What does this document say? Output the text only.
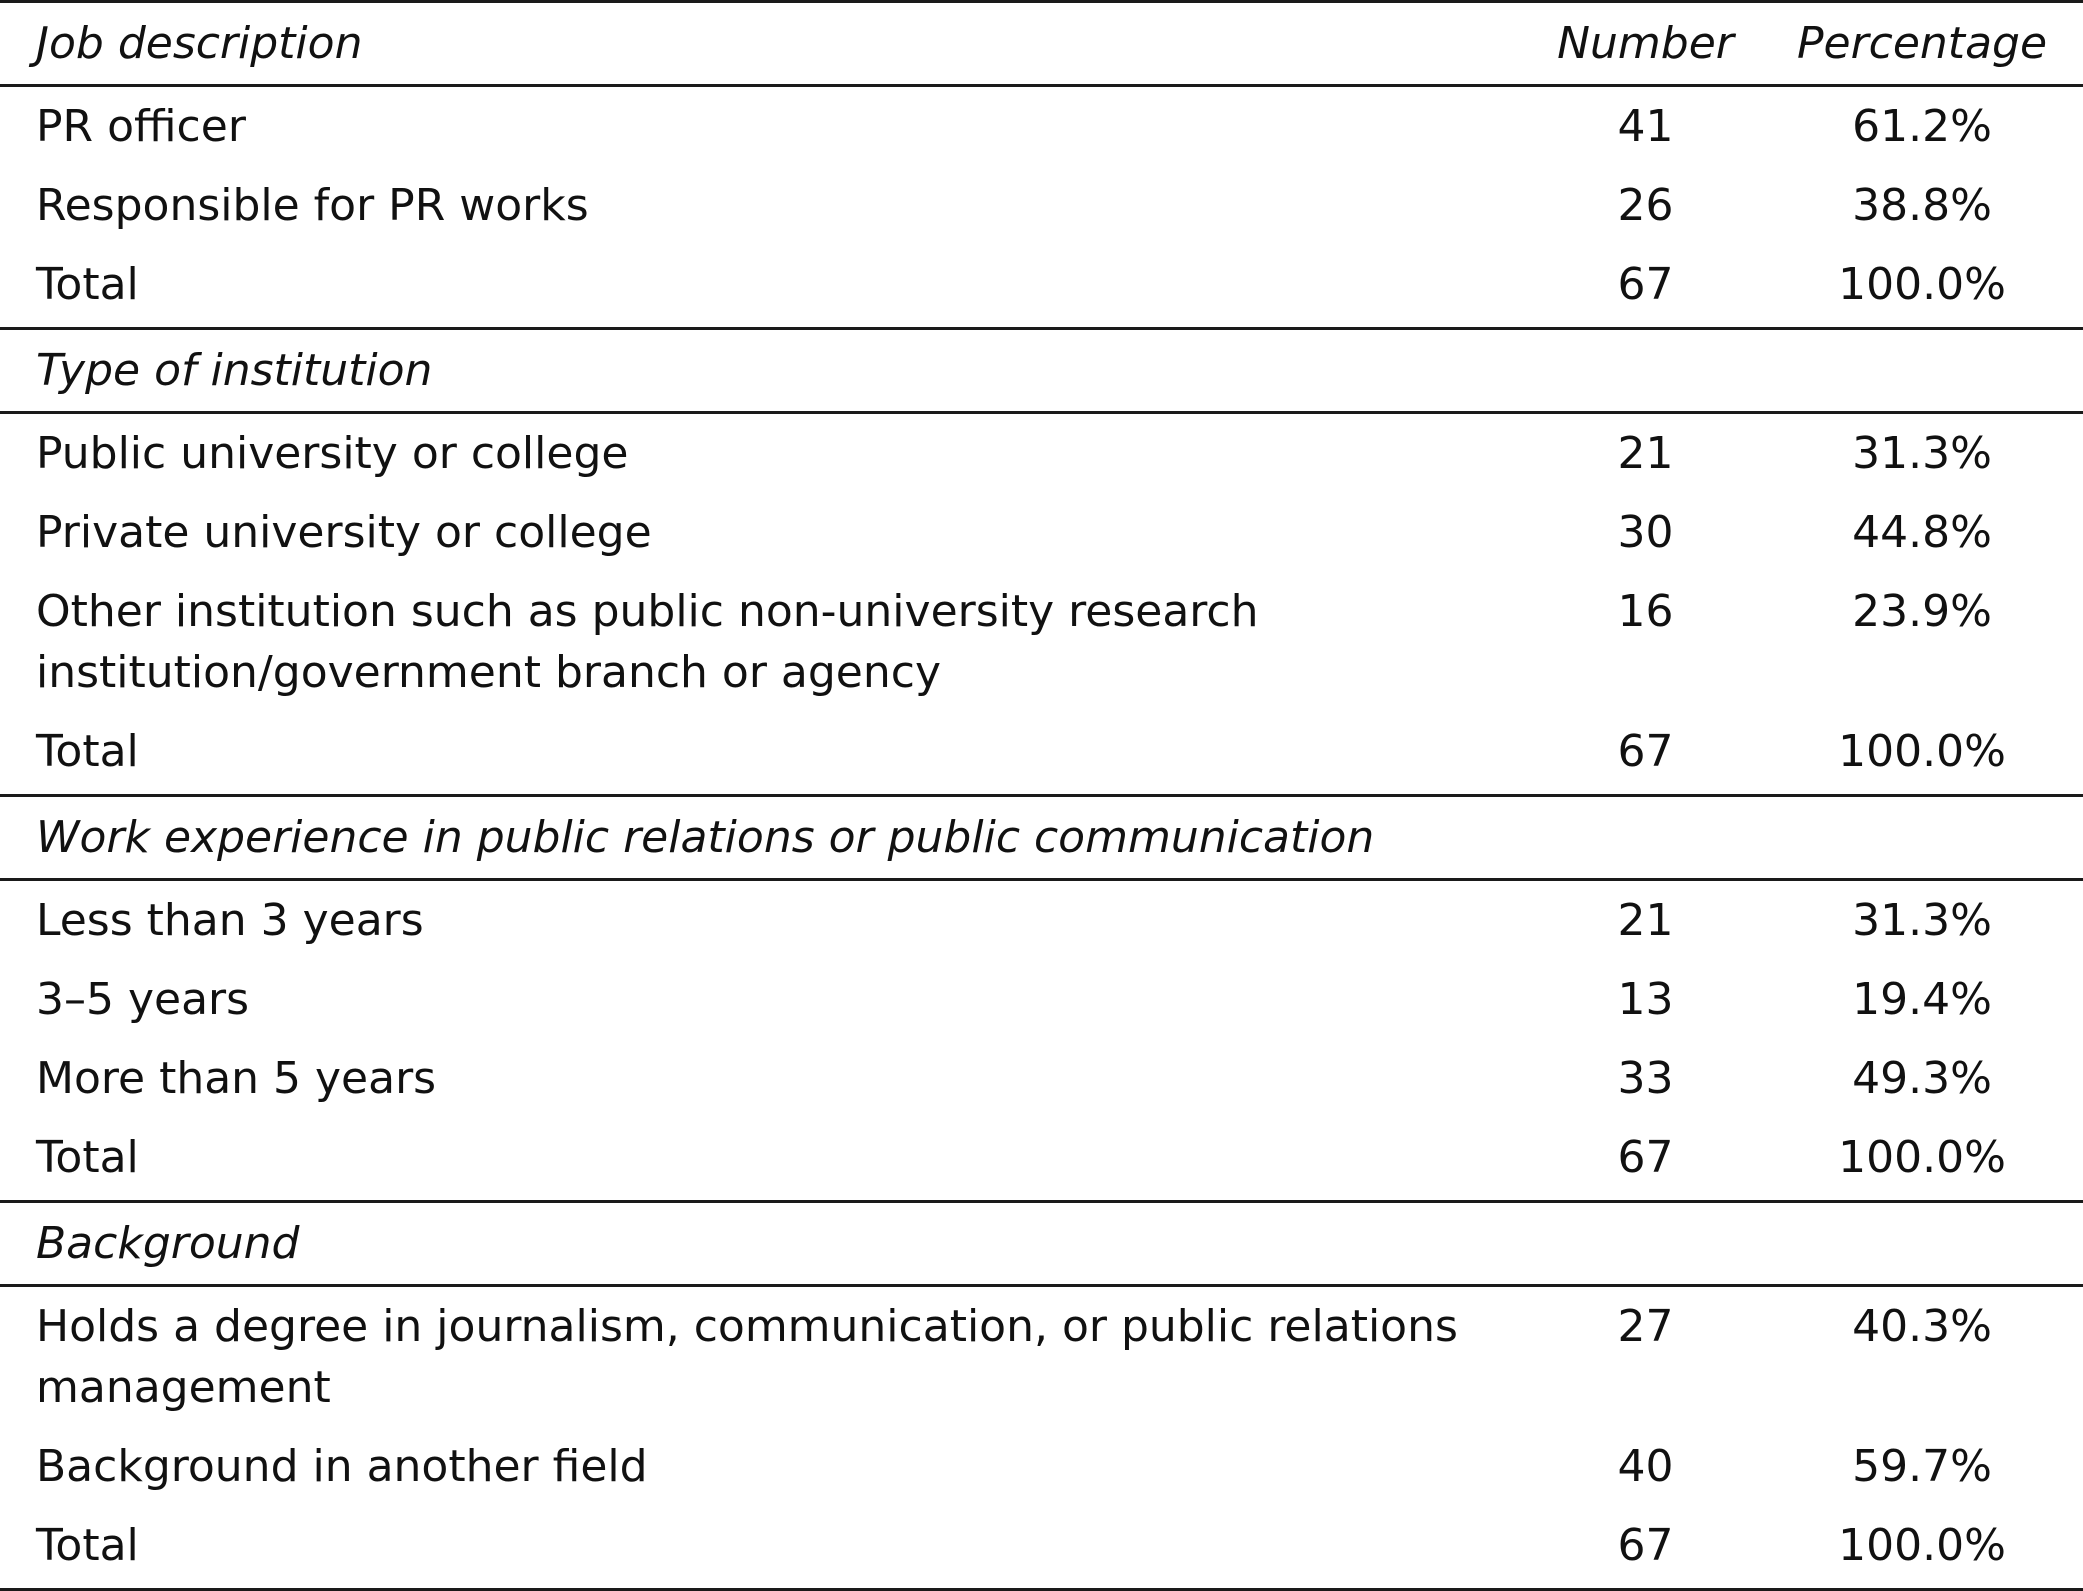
Job description	Number	Percentage
PR officer	41	61.2%
Responsible for PR works	26	38.8%
Total	67	100.0%
Type of institution		
Public university or college	21	31.3%
Private university or college	30	44.8%
Other institution such as public non-university research institution/government branch or agency	16	23.9%
Total	67	100.0%
Work experience in public relations or public communication		
Less than 3 years	21	31.3%
3–5 years	13	19.4%
More than 5 years	33	49.3%
Total	67	100.0%
Background		
Holds a degree in journalism, communication, or public relations management	27	40.3%
Background in another field	40	59.7%
Total	67	100.0%
